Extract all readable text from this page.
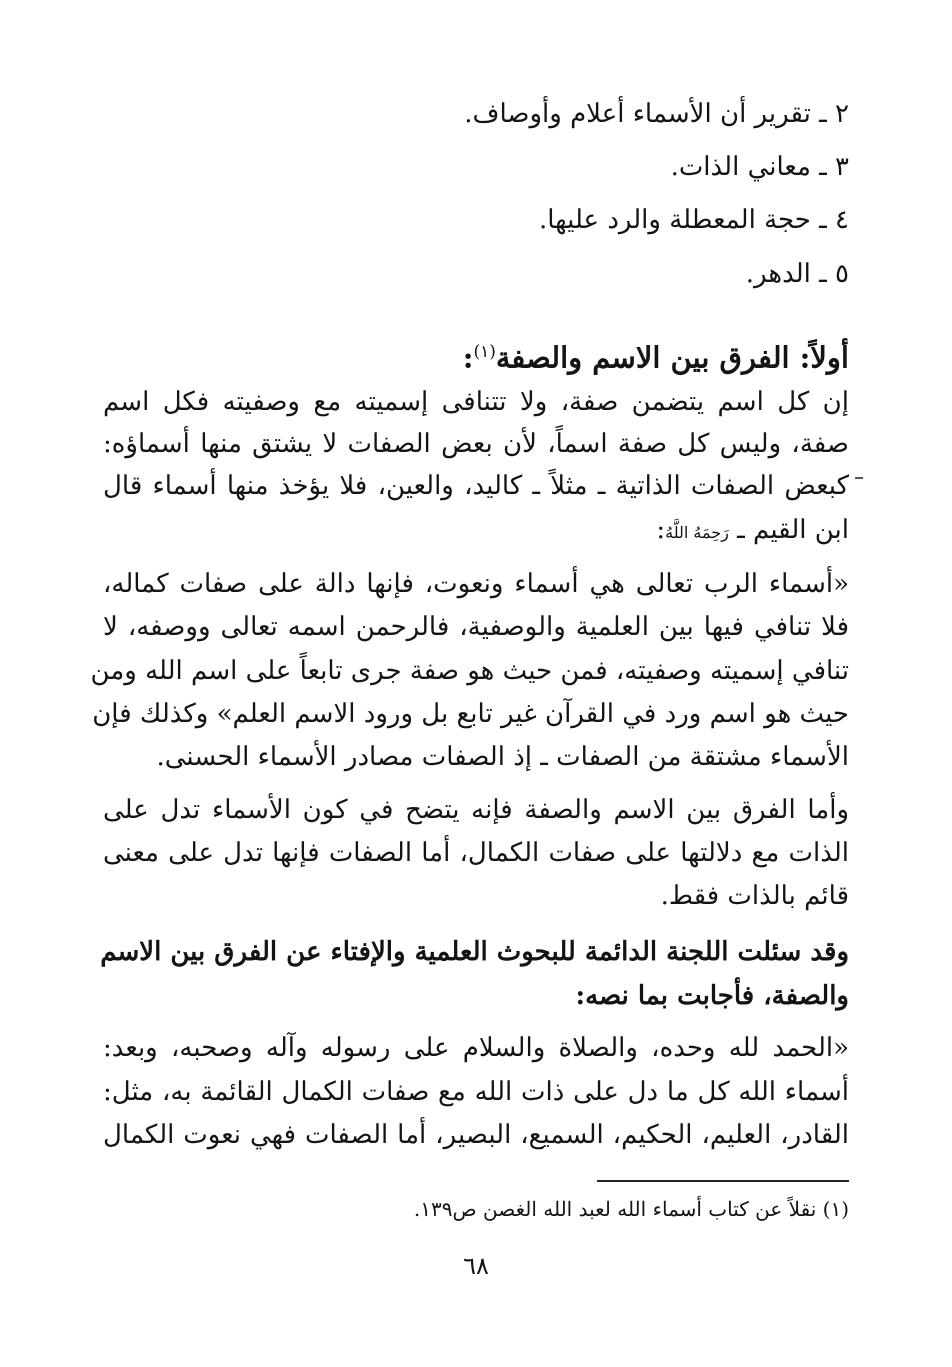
٢ ـ تقرير أن الأسماء أعلام وأوصاف.
٣ ـ معاني الذات.
٤ ـ حجة المعطلة والرد عليها.
٥ ـ الدهر.
أولاً: الفرق بين الاسم والصفة$^{(١)}$:
إن كل اسم يتضمن صفة، ولا تتنافى إسميته مع وصفيته فكل اسم
صفة، وليس كل صفة اسماً، لأن بعض الصفات لا يشتق منها أسماؤه:
كبعض الصفات الذاتية ـ مثلاً ـ كاليد، والعين، فلا يؤخذ منها أسماء قال
ابن القيم ـ رَحِمَهُ اللَّهُ:
«أسماء الرب تعالى هي أسماء ونعوت، فإنها دالة على صفات كماله،
فلا تنافي فيها بين العلمية والوصفية، فالرحمن اسمه تعالى ووصفه، لا
تنافي إسميته وصفيته، فمن حيث هو صفة جرى تابعاً على اسم الله ومن
حيث هو اسم ورد في القرآن غير تابع بل ورود الاسم العلم» وكذلك فإن
الأسماء مشتقة من الصفات ـ إذ الصفات مصادر الأسماء الحسنى.
وأما الفرق بين الاسم والصفة فإنه يتضح في كون الأسماء تدل على
الذات مع دلالتها على صفات الكمال، أما الصفات فإنها تدل على معنى
قائم بالذات فقط.
وقد سئلت اللجنة الدائمة للبحوث العلمية والإفتاء عن الفرق بين الاسم
والصفة، فأجابت بما نصه:
«الحمد لله وحده، والصلاة والسلام على رسوله وآله وصحبه، وبعد:
أسماء الله كل ما دل على ذات الله مع صفات الكمال القائمة به، مثل:
القادر، العليم، الحكيم، السميع، البصير، أما الصفات فهي نعوت الكمال
(١) نقلاً عن كتاب أسماء الله لعبد الله الغصن ص١٣٩.
٦٨
